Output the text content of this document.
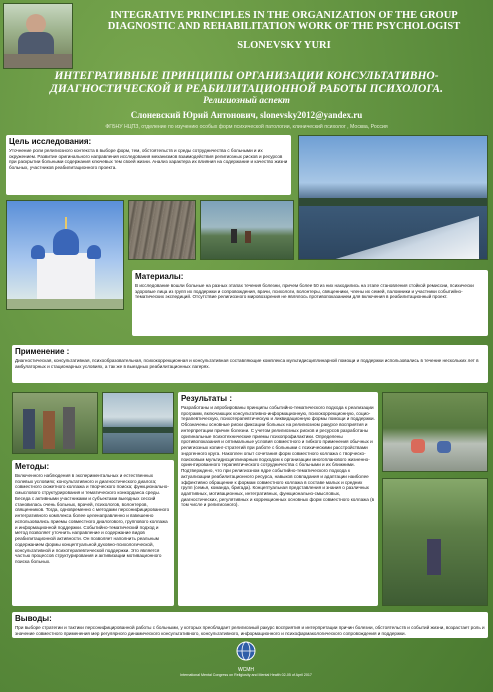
INTEGRATIVE PRINCIPLES IN THE ORGANIZATION OF THE GROUP DIAGNOSTIC AND REHABILITATION WORK OF THE PSYCHOLOGIST
SLONEVSKY YURI
ИНТЕГРАТИВНЫЕ ПРИНЦИПЫ ОРГАНИЗАЦИИ КОНСУЛЬТАТИВНО-ДИАГНОСТИЧЕСКОЙ И РЕАБИЛИТАЦИОННОЙ РАБОТЫ ПСИХОЛОГА.
Религиозный аспект
Слоневский Юрий Антонович, slonevsky2012@yandex.ru
ФГБНУ НЦПЗ, отделение по изучению особых форм психической патологии, клинический психолог , Москва, Россия
Цель исследования:
Уточнение роли религиозного контекста в выборе форм, тем, обстоятельств и среды сотрудничества с больными и их окружением. Развитие оригинального направления исследования механизмов взаимодействия религиозных рисков и ресурсов при раскрытии больными содержания ключевых тем своей жизни. Анализ характера их влияния на содержание и качество жизни больных, участников реабилитационного проекта.
Материалы:
В исследование вошли больные на разных этапах течения болезни, причем более 50 из них находились на этапе становления стойкой ремиссии, психически здоровые лица из групп их поддержки и сопровождения, врачи, психологи, волонтеры, священники, члены их семей, паломники и участники событийно-тематических экспедиций. Отсутствие религиозного мировоззрения не являлось противопоказанием для включения в реабилитационный проект.
Применение :
Диагностическая, консультативная, психообразовательная, психокоррекционная и консультативная составляющие комплекса мультидисциплинарной помощи и поддержки использовались в течение нескольких лет в амбулаторных и стационарных условиях, а так же в выездных реабилитационных лагерях.
Результаты :
Разработаны и апробированы принципы событийно-тематического подхода к реализации программ, включающих консультативно-информационную, психокоррекционную, социо-терапевтическую, психотерапевтическую и ликвидационную формы помощи и поддержки. Обозначены основные риски фиксации больных на религиозном ракурсе восприятия и интерпретации причин болезни. С учетом религиозных рисков и ресурсов разработаны оригинальные психотехнические приемы психопрофилактики. Определены противопоказания и оптимальные условия совместного и гибкого применения обычных и религиозных копинг-стратегий при работе с больными с психическими расстройствами эндогенного круга. Накоплен опыт сочетания форм совместного коллажа с творческо-поисковым мультидисциплинарным подходом к организации многопланового жизненно-ориентированного терапевтического сотрудничества с больными и их ближними. Подтверждено, что при религиозном ядре событийно-тематического подхода к актуализации реабилитационного ресурса, навыков совладания и адаптации наиболее эффективно обращение к формам совместного коллажа в составе малых и средних групп (семья, команда, бригада). Концептуальная представления и знания о различных адаптивных, мотивационных, интегративных, функционально-смысловых, диагностических, регулятивных и коррекционных основных форм совместного коллажа (в том числе и религиозного).
Методы:
Включенного наблюдения в экспериментальных и естественных полевых условиях; консультативного и диагностического диалога; совместного сюжетного коллажа и творческого поиска; функционально-смыслового структурирования и тематического конкорданса среды. Беседа с активными участниками и субъектами выездных сессий становилась очень больных, врачей, психологов, волонтеров, священников. Тогда, одновременно с методами персонифицированного интегративного комплекса более целенаправленно и взвешенно использовались приемы совместного диалогового, группового коллажа и информационной поддержки. Событийно-тематический подход и метод позволяет уточнить направление и содержание видов реабилитационной активности. Он позволяет наполнить реальным содержанием формы концептуальной духовно-психологической, консультативной и психотерапевтической поддержки. Это является частью процессов структурирования и активизации мотивационного поиска больных.
Выводы:
При выборе стратегии и тактики персонифицированной работы с больными, у которых преобладает религиозный ракурс восприятия и интерпретации причин болезни, обстоятельств и событий жизни, возрастает роль и значение совместного применения мер регулярного динамического консультативного, консультативного, информационного и психофармакологического сопровождения и поддержки.
WCMH
International Mental Congress on Religiosity and Mental Health 02-05 of April 2017
